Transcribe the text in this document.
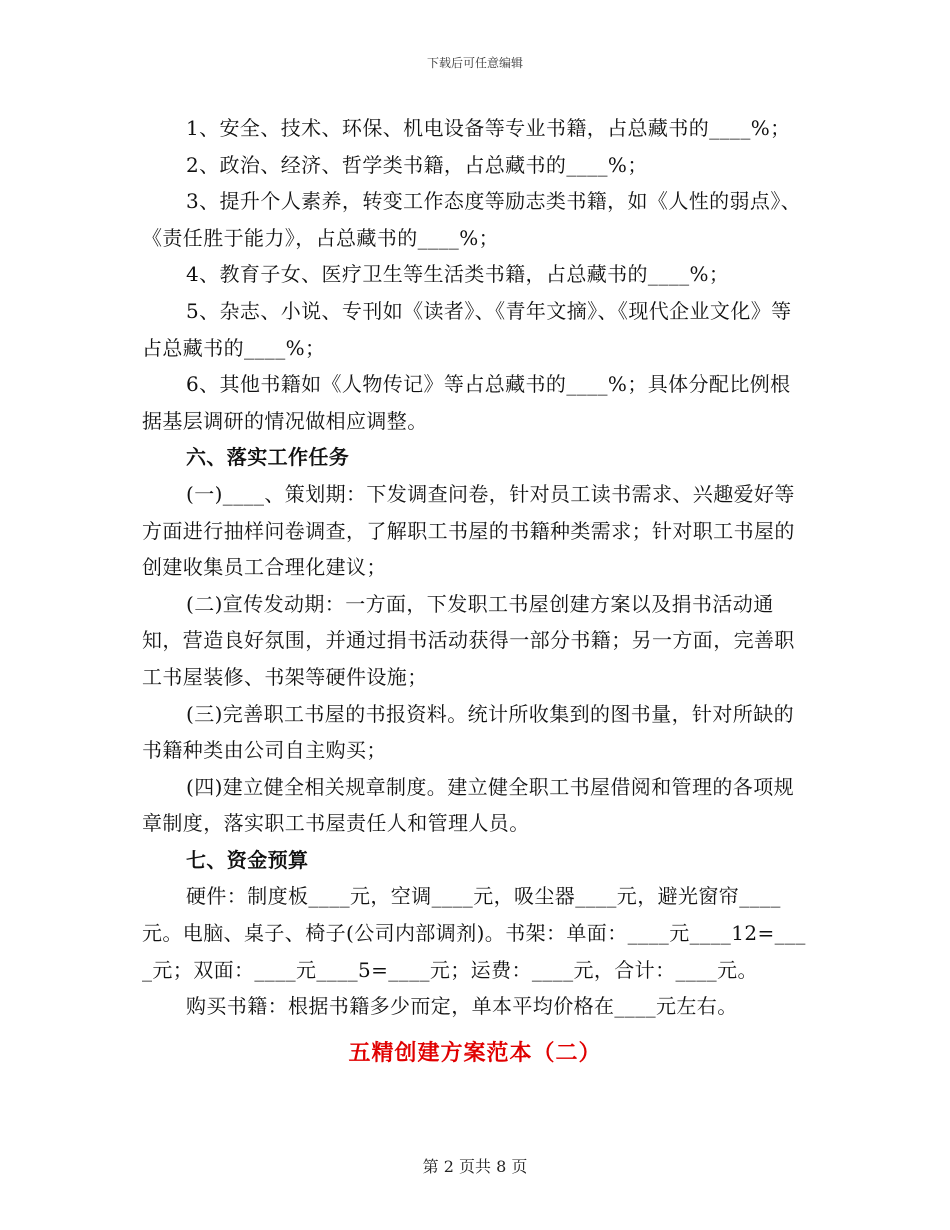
下载后可任意编辑

1、安全、技术、环保、机电设备等专业书籍，占总藏书的____%；

2、政治、经济、哲学类书籍，占总藏书的____%；

3、提升个人素养，转变工作态度等励志类书籍，如《人性的弱点》、《责任胜于能力》，占总藏书的____%；

4、教育子女、医疗卫生等生活类书籍，占总藏书的____%；

5、杂志、小说、专刊如《读者》、《青年文摘》、《现代企业文化》等占总藏书的____%；

6、其他书籍如《人物传记》等占总藏书的____%；具体分配比例根据基层调研的情况做相应调整。

六、落实工作任务

(一)____、策划期：下发调查问卷，针对员工读书需求、兴趣爱好等方面进行抽样问卷调查，了解职工书屋的书籍种类需求；针对职工书屋的创建收集员工合理化建议；

(二)宣传发动期：一方面，下发职工书屋创建方案以及捐书活动通知，营造良好氛围，并通过捐书活动获得一部分书籍；另一方面，完善职工书屋装修、书架等硬件设施；

(三)完善职工书屋的书报资料。统计所收集到的图书量，针对所缺的书籍种类由公司自主购买；

(四)建立健全相关规章制度。建立健全职工书屋借阅和管理的各项规章制度，落实职工书屋责任人和管理人员。

七、资金预算

硬件：制度板____元，空调____元，吸尘器____元，避光窗帘____元。电脑、桌子、椅子(公司内部调剂)。书架：单面：____元____12=____元；双面：____元____5=____元；运费：____元，合计：____元。

购买书籍：根据书籍多少而定，单本平均价格在____元左右。

五精创建方案范本（二）

第 2 页共 8 页
